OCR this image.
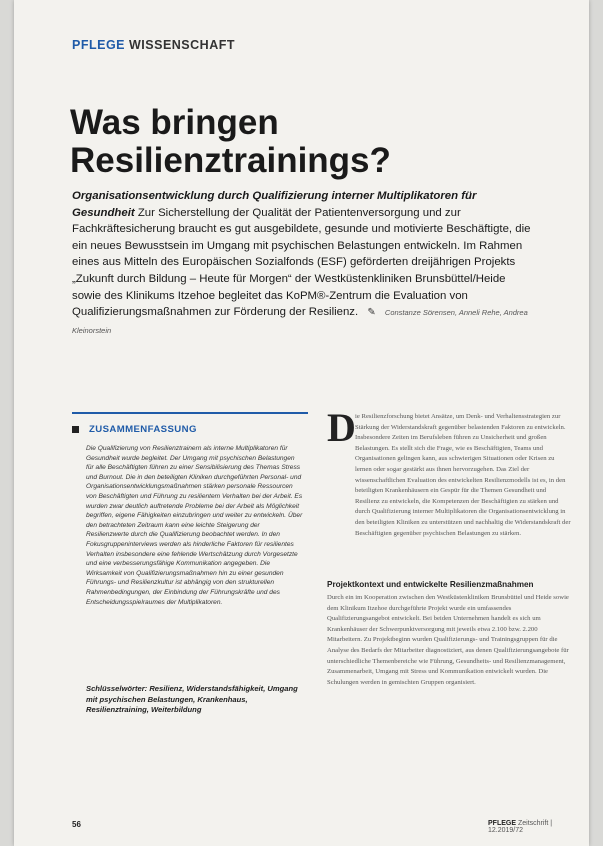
PFLEGE WISSENSCHAFT
Was bringen
Resilienztrainings?

Organisationsentwicklung durch Qualifizierung interner Multiplikatoren für Gesundheit Zur Sicherstellung der Qualität der Patientenversorgung und zur Fachkräftesicherung braucht es gut ausgebildete, gesunde und motivierte Beschäftigte, die ein neues Bewusstsein im Umgang mit psychischen Belastungen entwickeln. Im Rahmen eines aus Mitteln des Europäischen Sozialfonds (ESF) geförderten dreijährigen Projekts „Zukunft durch Bildung – Heute für Morgen“ der Westküstenkliniken Brunsbüttel/Heide sowie des Klinikums Itzehoe begleitet das KoPM®-Zentrum die Evaluation von Qualifizierungsmaßnahmen zur Förderung der Resilienz. ✎ Constanze Sörensen, Anneli Rehe, Andrea Kleinorstein

ZUSAMMENFASSUNG

Die Qualifizierung von Resilienztrainern als interne Multiplikatoren für Gesundheit wurde begleitet. Der Umgang mit psychischen Belastungen für alle Beschäftigten führen zu einer Sensibilisierung des Themas Stress und Burnout. Die in den beteiligten Kliniken durchgeführten Personal- und Organisationsentwicklungsmaßnahmen stärken personale Ressourcen von Beschäftigten und Führung zu resilientem Verhalten bei der Arbeit. Es wurden zwar deutlich auftretende Probleme bei der Arbeit als Möglichkeit begriffen, eigene Fähigkeiten einzubringen und weiter zu entwickeln. Über den betrachteten Zeitraum kann eine leichte Steigerung der Resilienzwerte durch die Qualifizierung beobachtet werden. In den Fokusgruppeninterviews werden als hinderliche Faktoren für resilientes Verhalten insbesondere eine fehlende Wertschätzung durch Vorgesetzte und eine verbesserungsfähige Kommunikation angegeben. Die Wirksamkeit von Qualifizierungsmaßnahmen hin zu einer gesunden Führungs- und Resilienzkultur ist abhängig von den strukturellen Rahmenbedingungen, der Einbindung der Führungskräfte und des Entscheidungsspielraumes der Multiplikatoren.

Schlüsselwörter: Resilienz, Widerstandsfähigkeit, Umgang mit psychischen Belastungen, Krankenhaus, Resilienztraining, Weiterbildung

D ie Resilienzforschung bietet Ansätze, um Denk- und Verhaltensstrategien zur Stärkung der Widerstandskraft gegenüber belastenden Faktoren zu entwickeln. Insbesondere Zeiten im Berufsleben führen zu Unsicherheit und großen Belastungen. Es stellt sich die Frage, wie es Beschäftigten, Teams und Organisationen gelingen kann, aus schwierigen Situationen oder Krisen zu lernen oder sogar gestärkt aus ihnen hervorzugehen. Das Ziel der wissenschaftlichen Evaluation des entwickelten Resilienzmodells ist es, in den beteiligten Krankenhäusern ein Gespür für die Themen Gesundheit und Resilienz zu entwickeln, die Kompetenzen der Beschäftigten zu stärken und durch Qualifizierung interner Multiplikatoren die Organisationsentwicklung in den beteiligten Kliniken zu unterstützen und nachhaltig die Widerstandskraft der Beschäftigten gegenüber psychischen Belastungen zu stärken.

Projektkontext und entwickelte Resilienzmaßnahmen

Durch ein im Kooperation zwischen den Westküstenkliniken Brunsbüttel und Heide sowie dem Klinikum Itzehoe durchgeführte Projekt wurde ein umfassendes Qualifizierungsangebot entwickelt. Bei beiden Unternehmen handelt es sich um Krankenhäuser der Schwerpunktversorgung mit jeweils etwa 2.100 bzw. 2.200 Mitarbeitern. Zu Projektbeginn wurden Qualifizierungs- und Trainingsgruppen für die Analyse des Bedarfs der Mitarbeiter diagnostiziert, aus denen Qualifizierungsangebote für unterschiedliche Themenbereiche wie Führung, Gesundheits- und Resilienzmanagement, Zusammenarbeit, Umgang mit Stress und Kommunikation entwickelt wurden. Die Schulungen werden in gemischten Gruppen organisiert.

56	PFLEGE Zeitschrift | 12.2019/72
